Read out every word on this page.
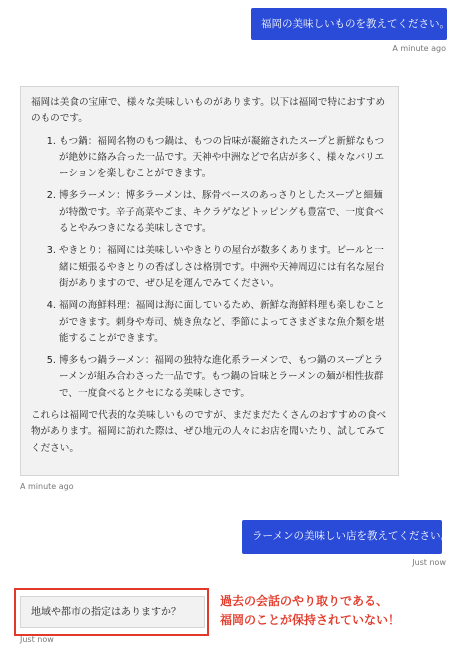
福岡の美味しいものを教えてください。
A minute ago

福岡は美食の宝庫で、様々な美味しいものがあります。以下は福岡で特におすすめのものです。

1. もつ鍋：福岡名物のもつ鍋は、もつの旨味が凝縮されたスープと新鮮なもつが絶妙に絡み合った一品です。天神や中洲などで名店が多く、様々なバリエーションを楽しむことができます。
2. 博多ラーメン：博多ラーメンは、豚骨ベースのあっさりとしたスープと細麺が特徴です。辛子高菜やごま、キクラゲなどトッピングも豊富で、一度食べるとやみつきになる美味しさです。
3. やきとり：福岡には美味しいやきとりの屋台が数多くあります。ビールと一緒に頬張るやきとりの香ばしさは格別です。中洲や天神周辺には有名な屋台街がありますので、ぜひ足を運んでみてください。
4. 福岡の海鮮料理：福岡は海に面しているため、新鮮な海鮮料理も楽しむことができます。刺身や寿司、焼き魚など、季節によってさまざまな魚介類を堪能することができます。
5. 博多もつ鍋ラーメン：福岡の独特な進化系ラーメンで、もつ鍋のスープとラーメンが組み合わさった一品です。もつ鍋の旨味とラーメンの麺が相性抜群で、一度食べるとクセになる美味しさです。

これらは福岡で代表的な美味しいものですが、まだまだたくさんのおすすめの食べ物があります。福岡に訪れた際は、ぜひ地元の人々にお店を聞いたり、試してみてください。

A minute ago
ラーメンの美味しい店を教えてください。
Just now
地域や都市の指定はありますか？
Just now
過去の会話のやり取りである、
福岡のことが保持されていない！
